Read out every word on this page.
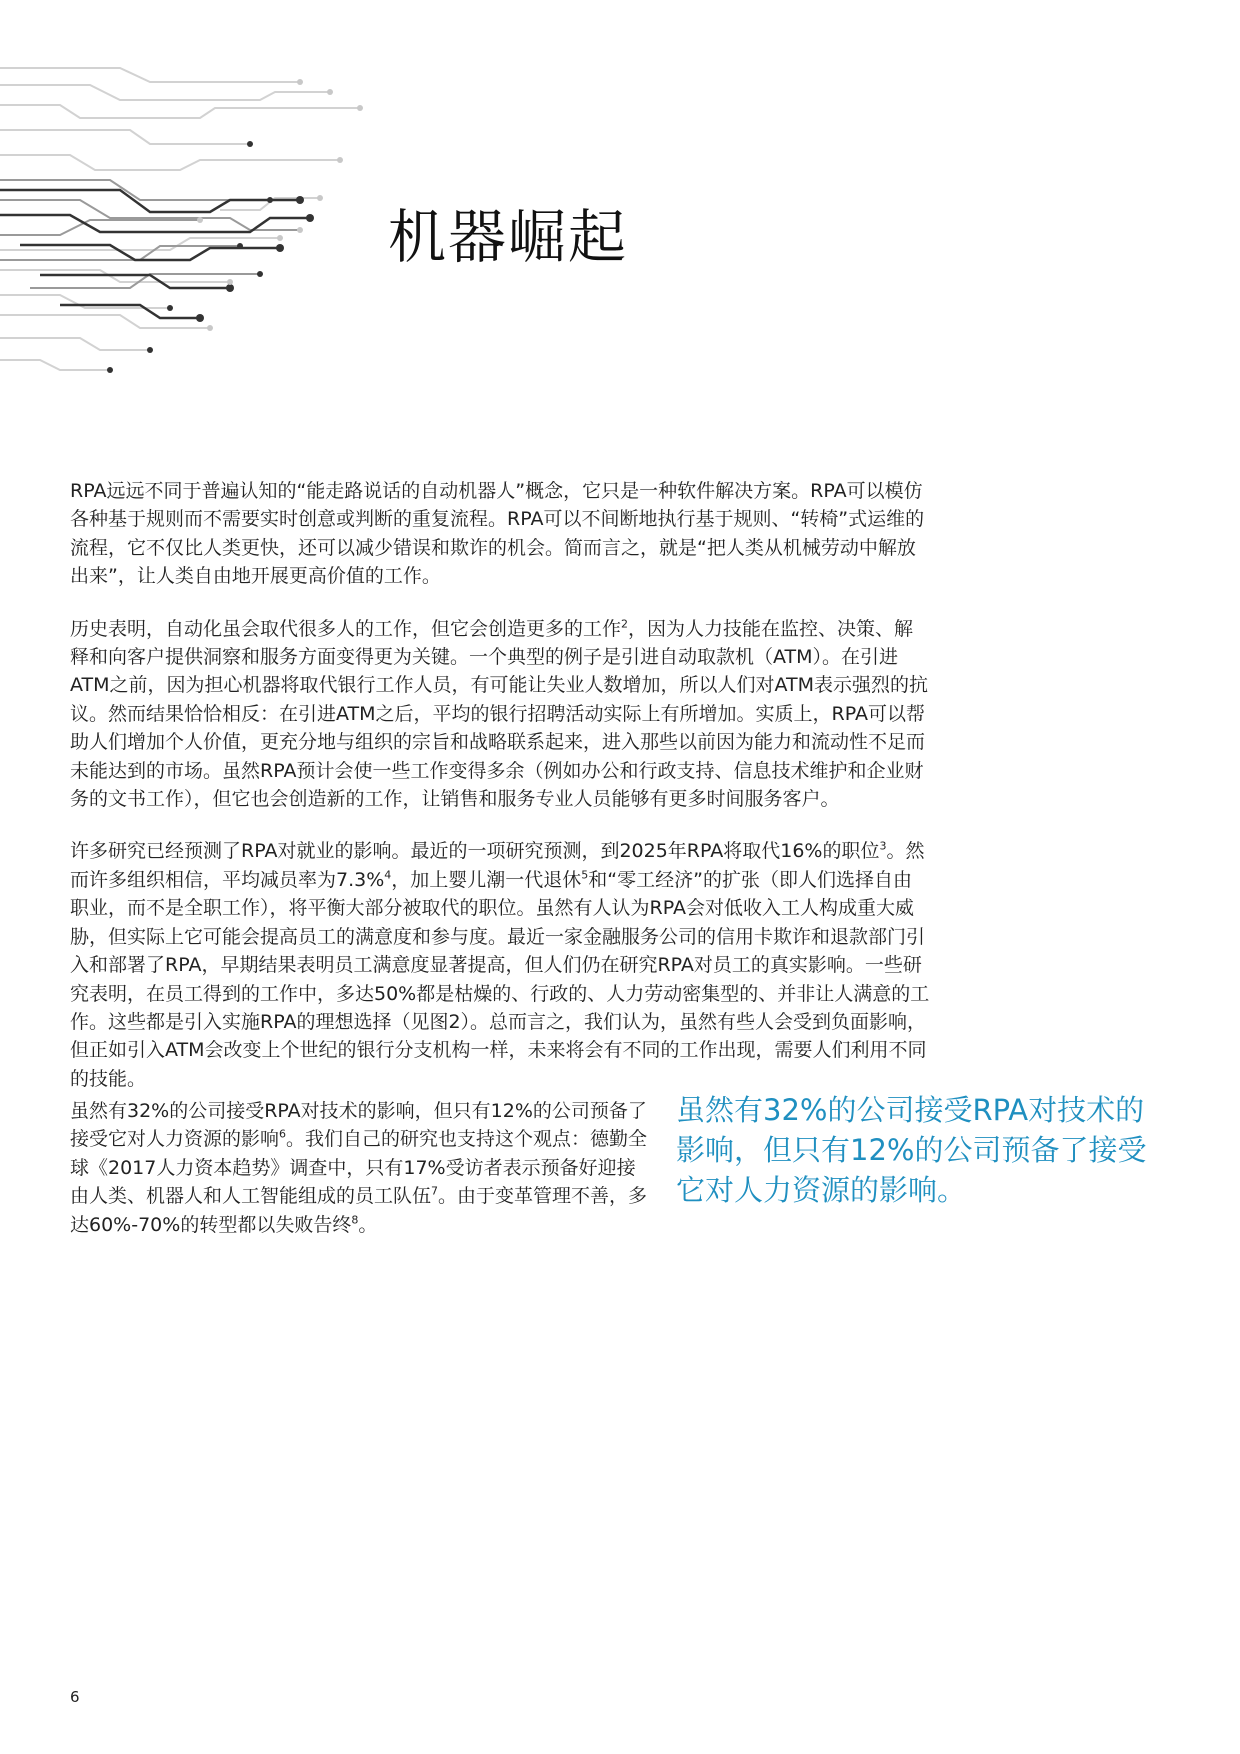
机器崛起

RPA远远不同于普遍认知的“能走路说话的自动机器人”概念，它只是一种软件解决方案。RPA可以模仿各种基于规则而不需要实时创意或判断的重复流程。RPA可以不间断地执行基于规则、“转椅”式运维的流程，它不仅比人类更快，还可以减少错误和欺诈的机会。简而言之，就是“把人类从机械劳动中解放出来”，让人类自由地开展更高价值的工作。

历史表明，自动化虽会取代很多人的工作，但它会创造更多的工作$^2$，因为人力技能在监控、决策、解释和向客户提供洞察和服务方面变得更为关键。一个典型的例子是引进自动取款机（ATM）。在引进ATM之前，因为担心机器将取代银行工作人员，有可能让失业人数增加，所以人们对ATM表示强烈的抗议。然而结果恰恰相反：在引进ATM之后，平均的银行招聘活动实际上有所增加。实质上，RPA可以帮助人们增加个人价值，更充分地与组织的宗旨和战略联系起来，进入那些以前因为能力和流动性不足而未能达到的市场。虽然RPA预计会使一些工作变得多余（例如办公和行政支持、信息技术维护和企业财务的文书工作），但它也会创造新的工作，让销售和服务专业人员能够有更多时间服务客户。

许多研究已经预测了RPA对就业的影响。最近的一项研究预测，到2025年RPA将取代16%的职位$^3$。然而许多组织相信，平均减员率为7.3%$^4$，加上婴儿潮一代退休$^5$和“零工经济”的扩张（即人们选择自由职业，而不是全职工作），将平衡大部分被取代的职位。虽然有人认为RPA会对低收入工人构成重大威胁，但实际上它可能会提高员工的满意度和参与度。最近一家金融服务公司的信用卡欺诈和退款部门引入和部署了RPA，早期结果表明员工满意度显著提高，但人们仍在研究RPA对员工的真实影响。一些研究表明，在员工得到的工作中，多达50%都是枯燥的、行政的、人力劳动密集型的、并非让人满意的工作。这些都是引入实施RPA的理想选择（见图2）。总而言之，我们认为，虽然有些人会受到负面影响，但正如引入ATM会改变上个世纪的银行分支机构一样，未来将会有不同的工作出现，需要人们利用不同的技能。

虽然有32%的公司接受RPA对技术的影响，但只有12%的公司预备了接受它对人力资源的影响$^6$。我们自己的研究也支持这个观点：德勤全球《2017人力资本趋势》调查中，只有17%受访者表示预备好迎接由人类、机器人和人工智能组成的员工队伍$^7$。由于变革管理不善，多达60%-70%的转型都以失败告终$^8$。

虽然有32%的公司接受RPA对技术的影响，但只有12%的公司预备了接受它对人力资源的影响。

6
